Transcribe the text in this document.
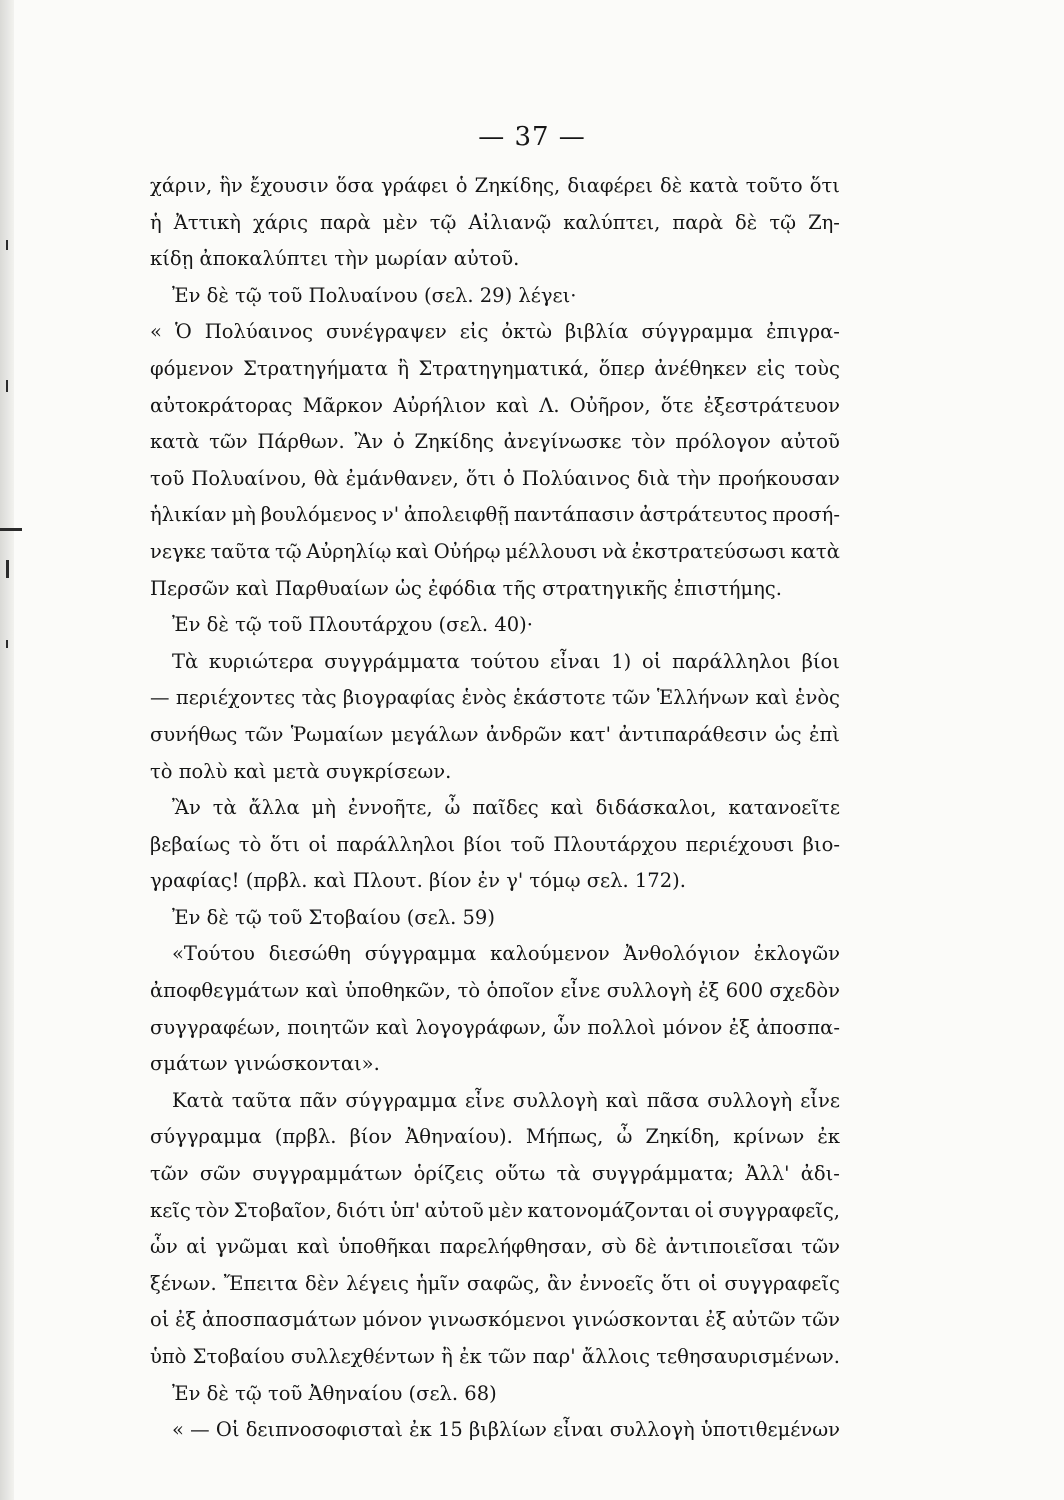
— 37 —
χάριν, ἣν ἔχουσιν ὅσα γράφει ὁ Ζηκίδης, διαφέρει δὲ κατὰ τοῦτο ὅτι
ἡ Ἀττικὴ χάρις παρὰ μὲν τῷ Αἰλιανῷ καλύπτει, παρὰ δὲ τῷ Ζη-
κίδῃ ἀποκαλύπτει τὴν μωρίαν αὐτοῦ.
Ἐν δὲ τῷ τοῦ Πολυαίνου (σελ. 29) λέγει·
« Ὁ Πολύαινος συνέγραψεν εἰς ὀκτὼ βιβλία σύγγραμμα ἐπιγρα-
φόμενον Στρατηγήματα ἢ Στρατηγηματικά, ὅπερ ἀνέθηκεν εἰς τοὺς
αὐτοκράτορας Μᾶρκον Αὐρήλιον καὶ Λ. Οὐῆρον, ὅτε ἐξεστράτευον
κατὰ τῶν Πάρθων. Ἂν ὁ Ζηκίδης ἀνεγίνωσκε τὸν πρόλογον αὐτοῦ
τοῦ Πολυαίνου, θὰ ἐμάνθανεν, ὅτι ὁ Πολύαινος διὰ τὴν προήκουσαν
ἡλικίαν μὴ βουλόμενος ν' ἀπολειφθῇ παντάπασιν ἀστράτευτος προσή-
νεγκε ταῦτα τῷ Αὐρηλίῳ καὶ Οὐήρῳ μέλλουσι νὰ ἐκστρατεύσωσι κατὰ
Περσῶν καὶ Παρθυαίων ὡς ἐφόδια τῆς στρατηγικῆς ἐπιστήμης.
Ἐν δὲ τῷ τοῦ Πλουτάρχου (σελ. 40)·
Τὰ κυριώτερα συγγράμματα τούτου εἶναι 1) οἱ παράλληλοι βίοι
— περιέχοντες τὰς βιογραφίας ἑνὸς ἑκάστοτε τῶν Ἑλλήνων καὶ ἑνὸς
συνήθως τῶν Ῥωμαίων μεγάλων ἀνδρῶν κατ' ἀντιπαράθεσιν ὡς ἐπὶ
τὸ πολὺ καὶ μετὰ συγκρίσεων.
Ἂν τὰ ἄλλα μὴ ἐννοῆτε, ὦ παῖδες καὶ διδάσκαλοι, κατανοεῖτε
βεβαίως τὸ ὅτι οἱ παράλληλοι βίοι τοῦ Πλουτάρχου περιέχουσι βιο-
γραφίας! (πρβλ. καὶ Πλουτ. βίον ἐν γ' τόμῳ σελ. 172).
Ἐν δὲ τῷ τοῦ Στοβαίου (σελ. 59)
«Τούτου διεσώθη σύγγραμμα καλούμενον Ἀνθολόγιον ἐκλογῶν
ἀποφθεγμάτων καὶ ὑποθηκῶν, τὸ ὁποῖον εἶνε συλλογὴ ἐξ 600 σχεδὸν
συγγραφέων, ποιητῶν καὶ λογογράφων, ὧν πολλοὶ μόνον ἐξ ἀποσπα-
σμάτων γινώσκονται».
Κατὰ ταῦτα πᾶν σύγγραμμα εἶνε συλλογὴ καὶ πᾶσα συλλογὴ εἶνε
σύγγραμμα (πρβλ. βίον Ἀθηναίου). Μήπως, ὦ Ζηκίδη, κρίνων ἐκ
τῶν σῶν συγγραμμάτων ὁρίζεις οὕτω τὰ συγγράμματα; Ἀλλ' ἀδι-
κεῖς τὸν Στοβαῖον, διότι ὑπ' αὐτοῦ μὲν κατονομάζονται οἱ συγγραφεῖς,
ὧν αἱ γνῶμαι καὶ ὑποθῆκαι παρελήφθησαν, σὺ δὲ ἀντιποιεῖσαι τῶν
ξένων. Ἔπειτα δὲν λέγεις ἡμῖν σαφῶς, ἂν ἐννοεῖς ὅτι οἱ συγγραφεῖς
οἱ ἐξ ἀποσπασμάτων μόνον γινωσκόμενοι γινώσκονται ἐξ αὐτῶν τῶν
ὑπὸ Στοβαίου συλλεχθέντων ἢ ἐκ τῶν παρ' ἄλλοις τεθησαυρισμένων.
Ἐν δὲ τῷ τοῦ Ἀθηναίου (σελ. 68)
« — Οἱ δειπνοσοφισταὶ ἐκ 15 βιβλίων εἶναι συλλογὴ ὑποτιθεμένων
